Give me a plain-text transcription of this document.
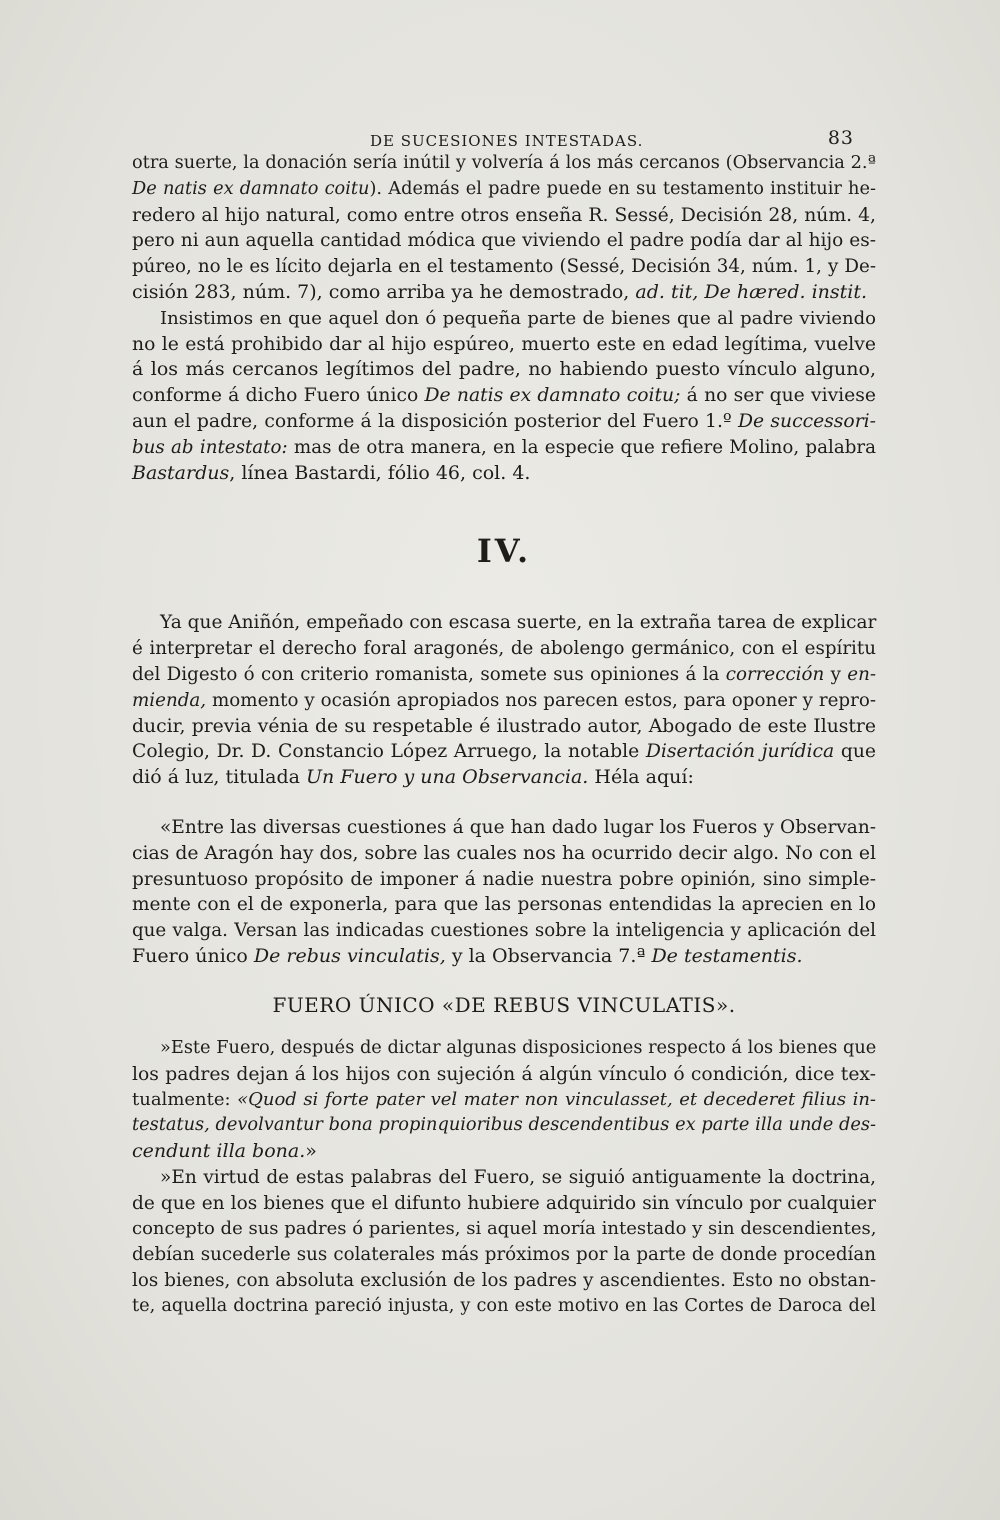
DE SUCESIONES INTESTADAS.	83
otra suerte, la donación sería inútil y volvería á los más cercanos (Observancia 2.ª
De natis ex damnato coitu). Además el padre puede en su testamento instituir he-
redero al hijo natural, como entre otros enseña R. Sessé, Decisión 28, núm. 4,
pero ni aun aquella cantidad módica que viviendo el padre podía dar al hijo es-
púreo, no le es lícito dejarla en el testamento (Sessé, Decisión 34, núm. 1, y De-
cisión 283, núm. 7), como arriba ya he demostrado, ad. tit, De hæred. instit.
Insistimos en que aquel don ó pequeña parte de bienes que al padre viviendo
no le está prohibido dar al hijo espúreo, muerto este en edad legítima, vuelve
á los más cercanos legítimos del padre, no habiendo puesto vínculo alguno,
conforme á dicho Fuero único De natis ex damnato coitu; á no ser que viviese
aun el padre, conforme á la disposición posterior del Fuero 1.º De successori-
bus ab intestato: mas de otra manera, en la especie que refiere Molino, palabra
Bastardus, línea Bastardi, fólio 46, col. 4.
IV.
Ya que Aniñón, empeñado con escasa suerte, en la extraña tarea de explicar
é interpretar el derecho foral aragonés, de abolengo germánico, con el espíritu
del Digesto ó con criterio romanista, somete sus opiniones á la corrección y en-
mienda, momento y ocasión apropiados nos parecen estos, para oponer y repro-
ducir, previa vénia de su respetable é ilustrado autor, Abogado de este Ilustre
Colegio, Dr. D. Constancio López Arruego, la notable Disertación jurídica que
dió á luz, titulada Un Fuero y una Observancia. Héla aquí:
«Entre las diversas cuestiones á que han dado lugar los Fueros y Observan-
cias de Aragón hay dos, sobre las cuales nos ha ocurrido decir algo. No con el
presuntuoso propósito de imponer á nadie nuestra pobre opinión, sino simple-
mente con el de exponerla, para que las personas entendidas la aprecien en lo
que valga. Versan las indicadas cuestiones sobre la inteligencia y aplicación del
Fuero único De rebus vinculatis, y la Observancia 7.ª De testamentis.
FUERO ÚNICO «DE REBUS VINCULATIS».
»Este Fuero, después de dictar algunas disposiciones respecto á los bienes que
los padres dejan á los hijos con sujeción á algún vínculo ó condición, dice tex-
tualmente: «Quod si forte pater vel mater non vinculasset, et decederet filius in-
testatus, devolvantur bona propinquioribus descendentibus ex parte illa unde des-
cendunt illa bona.»
»En virtud de estas palabras del Fuero, se siguió antiguamente la doctrina,
de que en los bienes que el difunto hubiere adquirido sin vínculo por cualquier
concepto de sus padres ó parientes, si aquel moría intestado y sin descendientes,
debían sucederle sus colaterales más próximos por la parte de donde procedían
los bienes, con absoluta exclusión de los padres y ascendientes. Esto no obstan-
te, aquella doctrina pareció injusta, y con este motivo en las Cortes de Daroca del
